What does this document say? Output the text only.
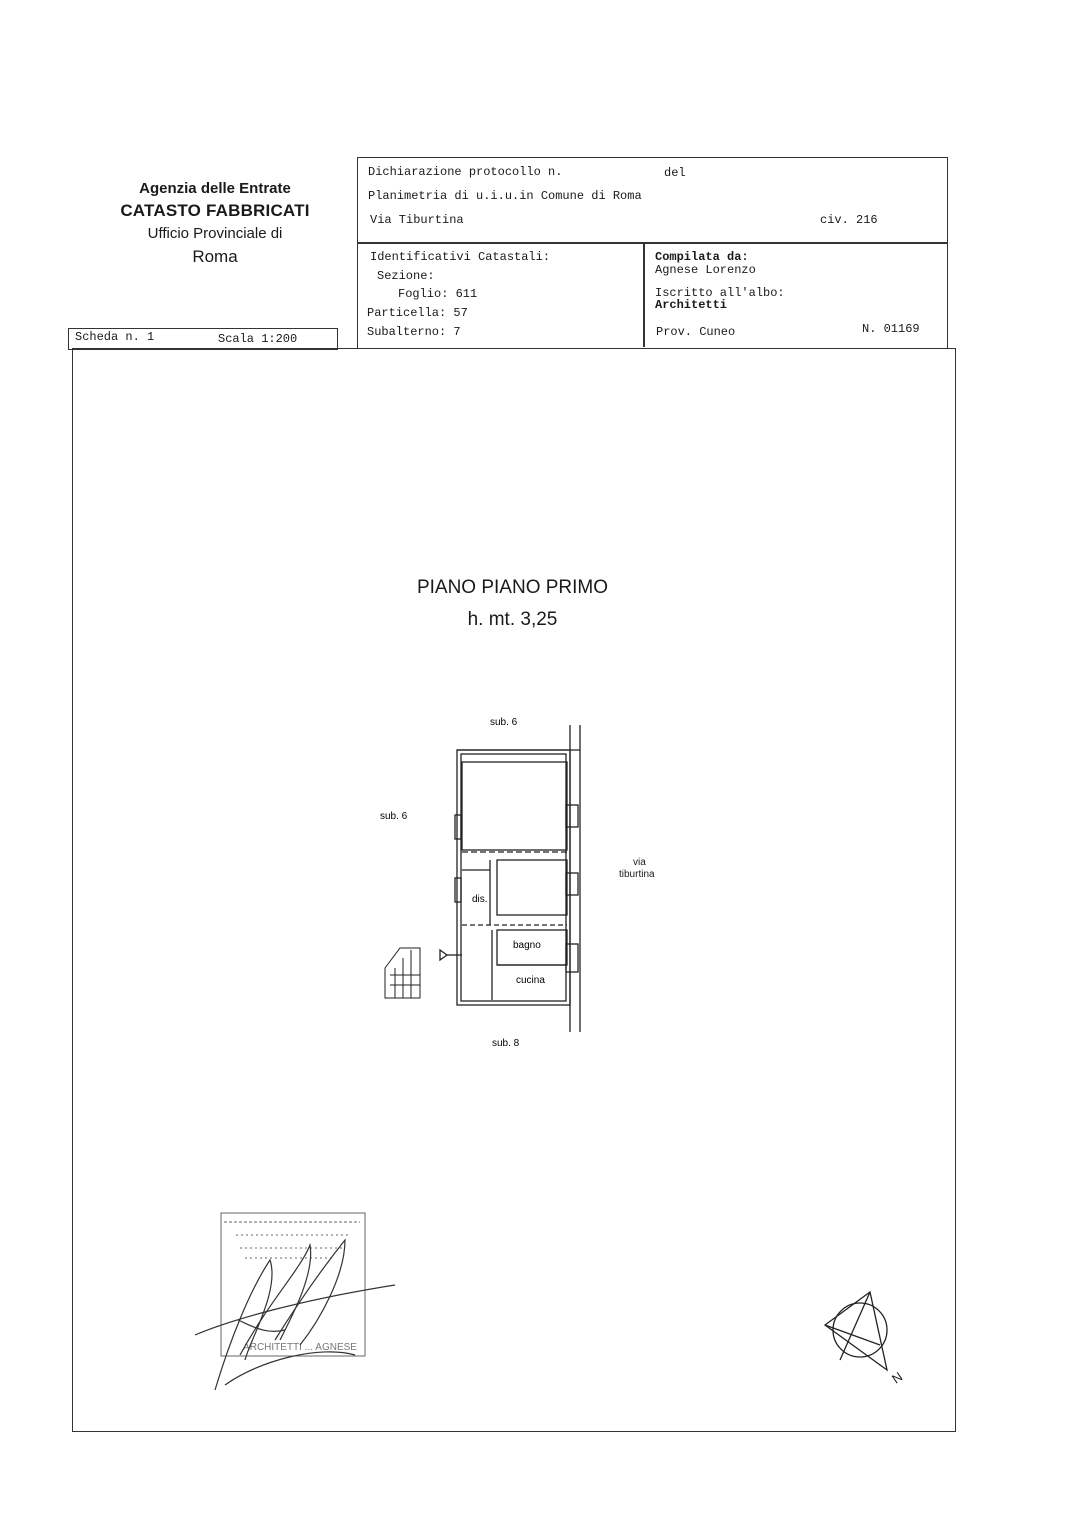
Agenzia delle Entrate

CATASTO FABBRICATI

Ufficio Provinciale di

Roma

Dichiarazione protocollo n.	del
Planimetria di u.i.u.in Comune di Roma
Via Tiburtina	civ. 216
Identificativi Catastali:
Sezione:
Foglio: 611
Particella: 57
Subalterno: 7
Compilata da:
Agnese Lorenzo
Iscritto all'albo:
Architetti
Prov. Cuneo	N. 01169
Scheda n. 1	Scala 1:200
PIANO PIANO PRIMO
h. mt. 3,25
sub. 6
sub. 6
sub. 8
dis.
bagno
cucina
via
tiburtina
ARCHITETTI ... AGNESE
N
